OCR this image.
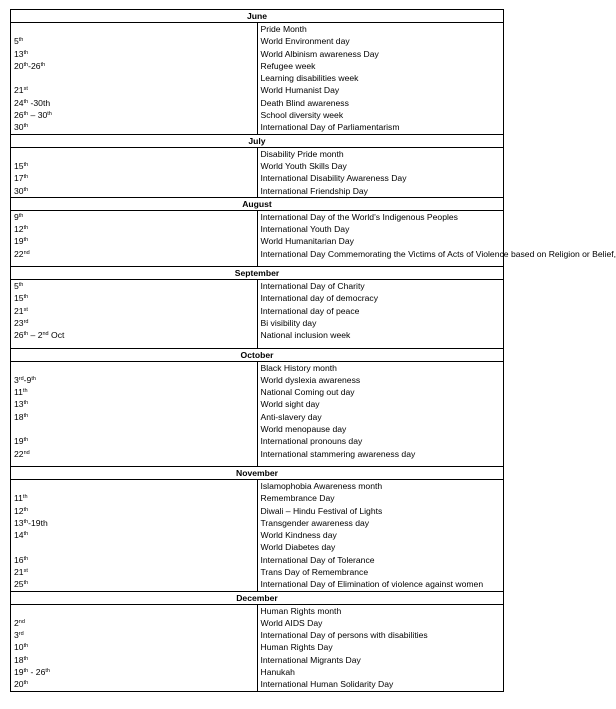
June	
	Pride Month
5th	World Environment day
13th	World Albinism awareness Day
20th-26th	Refugee week
	Learning disabilities week
21st	World Humanist Day
24th -30th	Death Blind awareness
26th – 30th	School diversity week
30th	International Day of Parliamentarism
July	
	Disability Pride month
15th	World Youth Skills Day
17th	International Disability Awareness Day
30th	International Friendship Day
August	
9th	International Day of the World’s Indigenous Peoples
12th	International Youth Day
19th	World Humanitarian Day
22nd	International Day Commemorating the Victims of Acts of Violence based on Religion or Belief,

September	
5th	International Day of Charity
15th	International day of democracy
21st	International day of peace
23rd	Bi visibility day
26th – 2nd Oct	National inclusion week

October	
	Black History month
3rd-9th	World dyslexia awareness
11th	National Coming out day
13th	World sight day
18th	Anti-slavery day
	World menopause day
19th	International pronouns day
22nd	International stammering awareness day

November	
	Islamophobia Awareness month
11th	Remembrance Day
12th	Diwali – Hindu Festival of Lights
13th-19th	Transgender awareness day
14th	World Kindness day
	World Diabetes day
16th	International Day of Tolerance
21st	Trans Day of Remembrance
25th	International Day of Elimination of violence against women
December	
	Human Rights month
2nd	World AIDS Day
3rd	International Day of persons with disabilities
10th	Human Rights Day
18th	International Migrants Day
19th - 26th	Hanukah
20th	International Human Solidarity Day
